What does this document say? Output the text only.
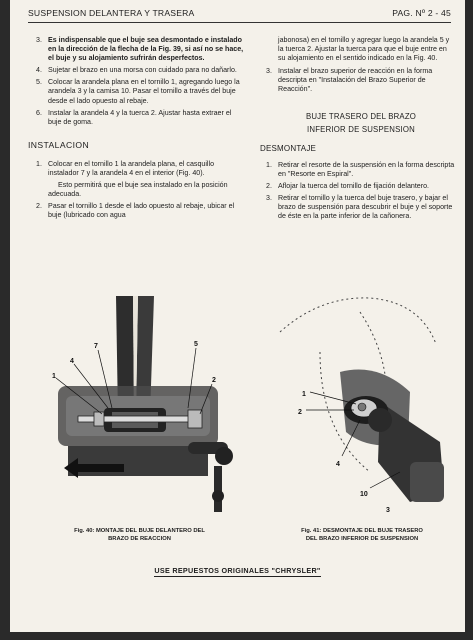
SUSPENSION DELANTERA Y TRASERA	PAG. Nº 2 - 45
3. Es indispensable que el buje sea desmontado e instalado en la dirección de la flecha de la Fig. 39, si así no se hace, el buje y su alojamiento sufrirán desperfectos.
4. Sujetar el brazo en una morsa con cuidado para no dañarlo.
5. Colocar la arandela plana en el tornillo 1, agregando luego la arandela 3 y la camisa 10. Pasar el tornillo a través del buje desde el lado opuesto al rebaje.
6. Instalar la arandela 4 y la tuerca 2. Ajustar hasta extraer el buje de goma.
INSTALACION
1. Colocar en el tornillo 1 la arandela plana, el casquillo instalador 7 y la arandela 4 en el interior (Fig. 40).
Esto permitirá que el buje sea instalado en la posición adecuada.
2. Pasar el tornillo 1 desde el lado opuesto al rebaje, ubicar el buje (lubricado con agua
jabonosa) en el tornillo y agregar luego la arandela 5 y la tuerca 2. Ajustar la tuerca para que el buje entre en su alojamiento en el sentido indicado en la Fig. 40.
3. Instalar el brazo superior de reacción en la forma descripta en "Instalación del Brazo Superior de Reacción".
BUJE TRASERO DEL BRAZO
INFERIOR DE SUSPENSION
DESMONTAJE
1. Retirar el resorte de la suspensión en la forma descripta en "Resorte en Espiral".
2. Aflojar la tuerca del tornillo de fijación delantero.
3. Retirar el tornillo y la tuerca del buje trasero, y bajar el brazo de suspensión para descubrir el buje y el soporte de éste en la parte inferior de la cañonera.
1
2
4
5
7
Fig. 40: MONTAJE DEL BUJE DELANTERO DEL
BRAZO DE REACCION
1
2
3
4
10
Fig. 41: DESMONTAJE DEL BUJE TRASERO
DEL BRAZO INFERIOR DE SUSPENSION
USE REPUESTOS ORIGINALES "CHRYSLER"
